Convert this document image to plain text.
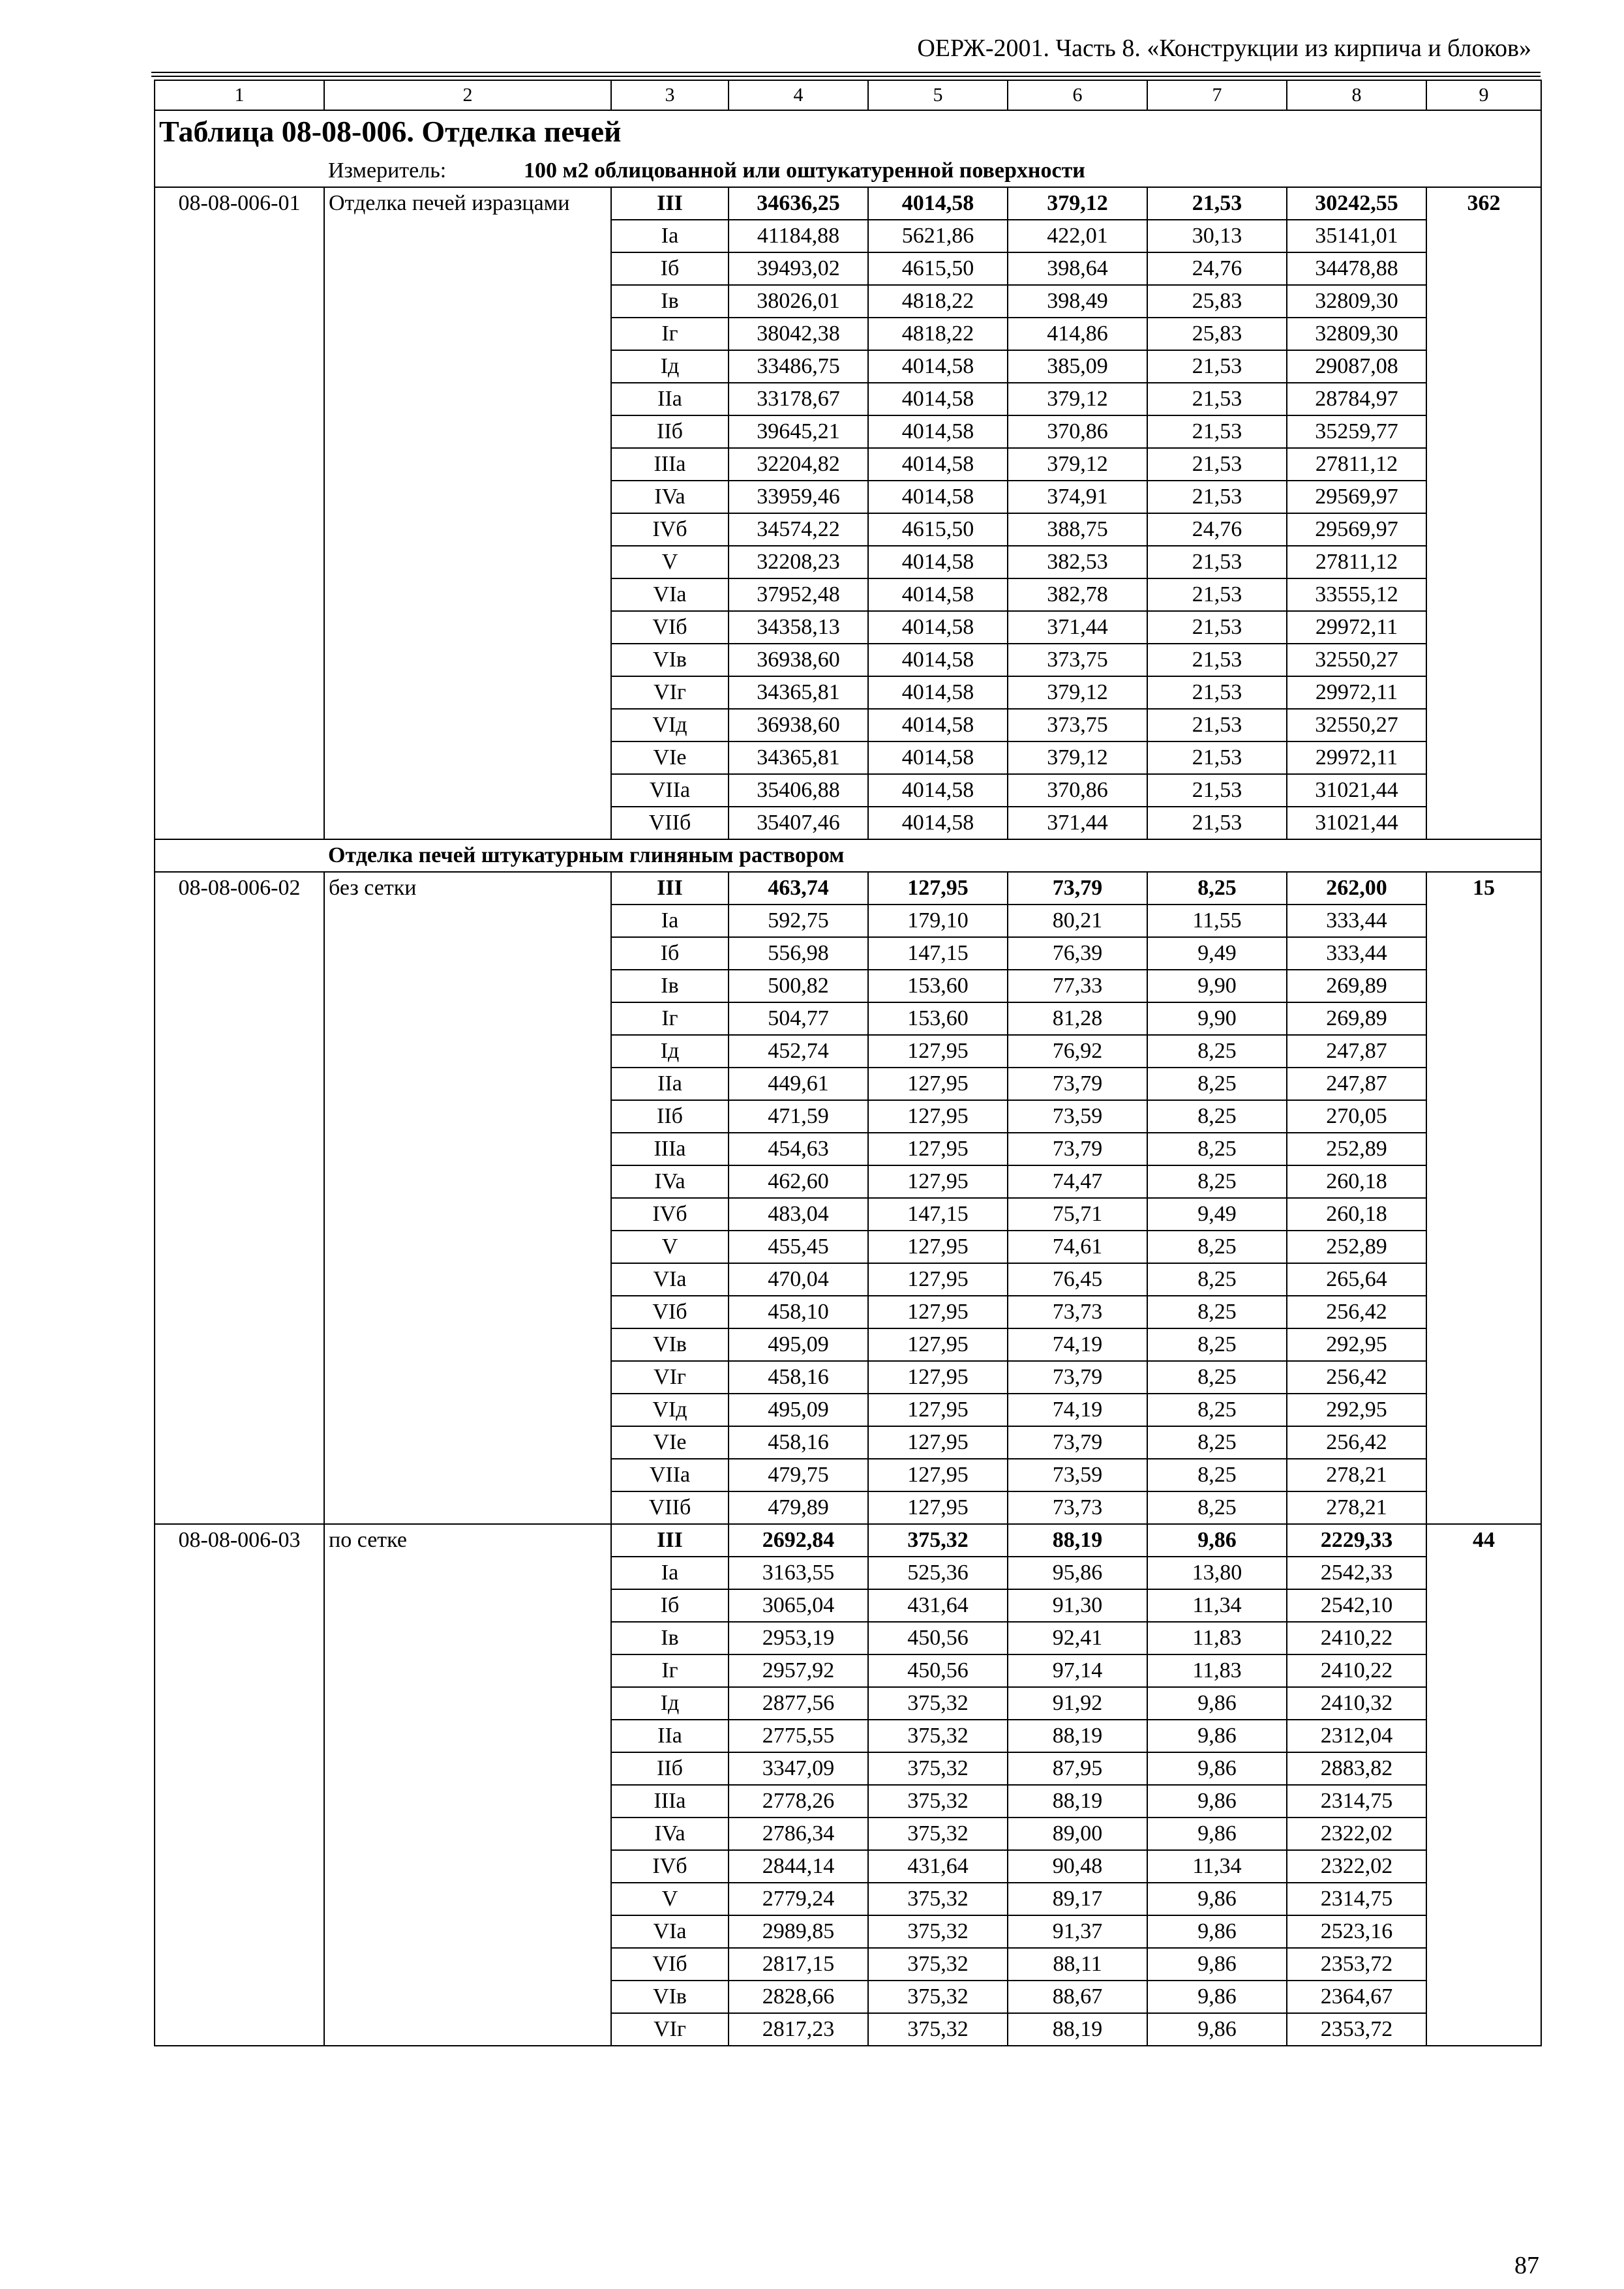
ОЕРЖ-2001. Часть 8. «Конструкции из кирпича и блоков»
1	2	3	4	5	6	7	8	9
Таблица 08-08-006. Отделка печей								
	Измеритель: 100 м2 облицованной или оштукатуренной поверхности							
08-08-006-01	Отделка печей изразцами	III	34636,25	4014,58	379,12	21,53	30242,55	362
		Ia	41184,88	5621,86	422,01	30,13	35141,01	
		Iб	39493,02	4615,50	398,64	24,76	34478,88	
		Iв	38026,01	4818,22	398,49	25,83	32809,30	
		Iг	38042,38	4818,22	414,86	25,83	32809,30	
		Iд	33486,75	4014,58	385,09	21,53	29087,08	
		IIa	33178,67	4014,58	379,12	21,53	28784,97	
		IIб	39645,21	4014,58	370,86	21,53	35259,77	
		IIIa	32204,82	4014,58	379,12	21,53	27811,12	
		IVa	33959,46	4014,58	374,91	21,53	29569,97	
		IVб	34574,22	4615,50	388,75	24,76	29569,97	
		V	32208,23	4014,58	382,53	21,53	27811,12	
		VIa	37952,48	4014,58	382,78	21,53	33555,12	
		VIб	34358,13	4014,58	371,44	21,53	29972,11	
		VIв	36938,60	4014,58	373,75	21,53	32550,27	
		VIг	34365,81	4014,58	379,12	21,53	29972,11	
		VIд	36938,60	4014,58	373,75	21,53	32550,27	
		VIe	34365,81	4014,58	379,12	21,53	29972,11	
		VIIa	35406,88	4014,58	370,86	21,53	31021,44	
		VIIб	35407,46	4014,58	371,44	21,53	31021,44	
	Отделка печей штукатурным глиняным раствором							
08-08-006-02	без сетки	III	463,74	127,95	73,79	8,25	262,00	15
		Ia	592,75	179,10	80,21	11,55	333,44	
		Iб	556,98	147,15	76,39	9,49	333,44	
		Iв	500,82	153,60	77,33	9,90	269,89	
		Iг	504,77	153,60	81,28	9,90	269,89	
		Iд	452,74	127,95	76,92	8,25	247,87	
		IIa	449,61	127,95	73,79	8,25	247,87	
		IIб	471,59	127,95	73,59	8,25	270,05	
		IIIa	454,63	127,95	73,79	8,25	252,89	
		IVa	462,60	127,95	74,47	8,25	260,18	
		IVб	483,04	147,15	75,71	9,49	260,18	
		V	455,45	127,95	74,61	8,25	252,89	
		VIa	470,04	127,95	76,45	8,25	265,64	
		VIб	458,10	127,95	73,73	8,25	256,42	
		VIв	495,09	127,95	74,19	8,25	292,95	
		VIг	458,16	127,95	73,79	8,25	256,42	
		VIд	495,09	127,95	74,19	8,25	292,95	
		VIe	458,16	127,95	73,79	8,25	256,42	
		VIIa	479,75	127,95	73,59	8,25	278,21	
		VIIб	479,89	127,95	73,73	8,25	278,21	
08-08-006-03	по сетке	III	2692,84	375,32	88,19	9,86	2229,33	44
		Ia	3163,55	525,36	95,86	13,80	2542,33	
		Iб	3065,04	431,64	91,30	11,34	2542,10	
		Iв	2953,19	450,56	92,41	11,83	2410,22	
		Iг	2957,92	450,56	97,14	11,83	2410,22	
		Iд	2877,56	375,32	91,92	9,86	2410,32	
		IIa	2775,55	375,32	88,19	9,86	2312,04	
		IIб	3347,09	375,32	87,95	9,86	2883,82	
		IIIa	2778,26	375,32	88,19	9,86	2314,75	
		IVa	2786,34	375,32	89,00	9,86	2322,02	
		IVб	2844,14	431,64	90,48	11,34	2322,02	
		V	2779,24	375,32	89,17	9,86	2314,75	
		VIa	2989,85	375,32	91,37	9,86	2523,16	
		VIб	2817,15	375,32	88,11	9,86	2353,72	
		VIв	2828,66	375,32	88,67	9,86	2364,67	
		VIг	2817,23	375,32	88,19	9,86	2353,72	
87
